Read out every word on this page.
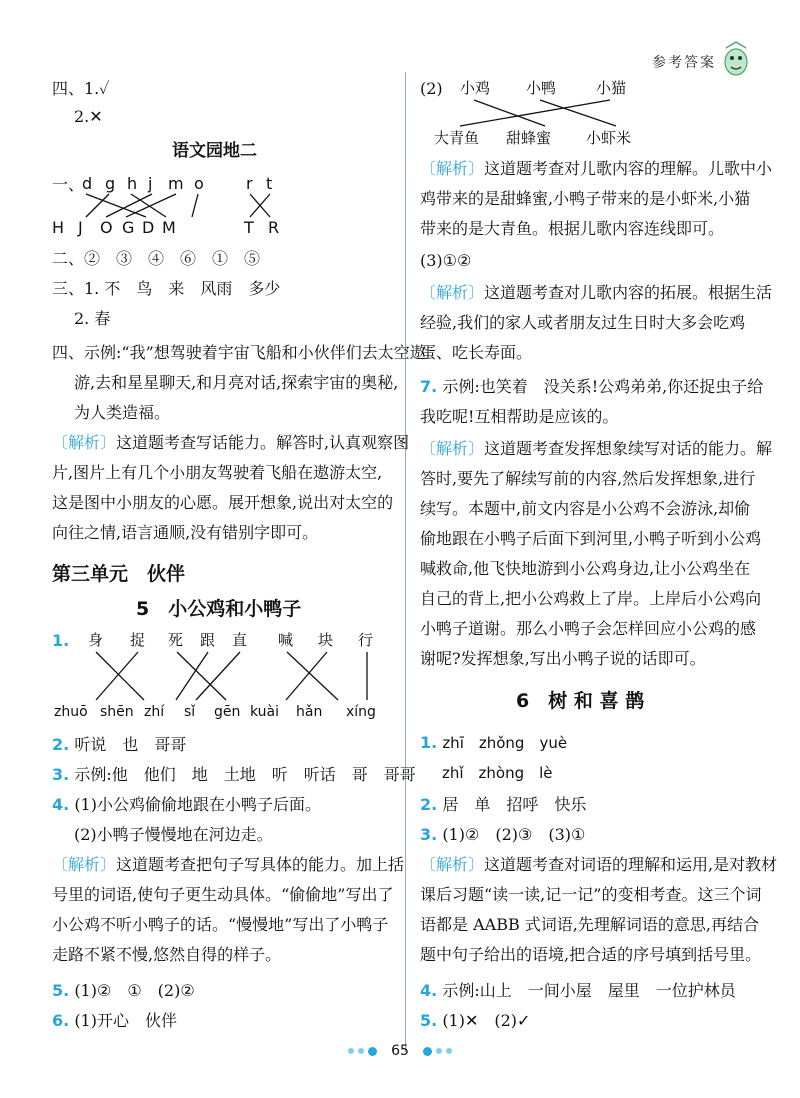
参考答案
四、1.✓
2.✕
语文园地二
一、
二、②　③　④　⑥　①　⑤
三、1. 不　鸟　来　风雨　多少
2. 春
四、示例:“我”想驾驶着宇宙飞船和小伙伴们去太空遨
游,去和星星聊天,和月亮对话,探索宇宙的奥秘,
为人类造福。
〔解析〕这道题考查写话能力。解答时,认真观察图
片,图片上有几个小朋友驾驶着飞船在遨游太空,
这是图中小朋友的心愿。展开想象,说出对太空的
向往之情,语言通顺,没有错别字即可。
第三单元　伙伴
5　小公鸡和小鸭子
1.
2. 听说　也　哥哥
3. 示例:他　他们　地　土地　听　听话　哥　哥哥
4. (1)小公鸡偷偷地跟在小鸭子后面。
(2)小鸭子慢慢地在河边走。
〔解析〕这道题考查把句子写具体的能力。加上括
号里的词语,使句子更生动具体。“偷偷地”写出了
小公鸡不听小鸭子的话。“慢慢地”写出了小鸭子
走路不紧不慢,悠然自得的样子。
5. (1)②　①　(2)②
6. (1)开心　伙伴
d g h j m o	r t
H J O G D M	T R
身 捉 死 跟 直 喊 块 行
zhuō shēn zhí sǐ gēn kuài hǎn xíng
(2)
〔解析〕这道题考查对儿歌内容的理解。儿歌中小
鸡带来的是甜蜂蜜,小鸭子带来的是小虾米,小猫
带来的是大青鱼。根据儿歌内容连线即可。
(3)①②
〔解析〕这道题考查对儿歌内容的拓展。根据生活
经验,我们的家人或者朋友过生日时大多会吃鸡
蛋、吃长寿面。
7. 示例:也笑着　没关系!公鸡弟弟,你还捉虫子给
我吃呢!互相帮助是应该的。
〔解析〕这道题考查发挥想象续写对话的能力。解
答时,要先了解续写前的内容,然后发挥想象,进行
续写。本题中,前文内容是小公鸡不会游泳,却偷
偷地跟在小鸭子后面下到河里,小鸭子听到小公鸡
喊救命,他飞快地游到小公鸡身边,让小公鸡坐在
自己的背上,把小公鸡救上了岸。上岸后小公鸡向
小鸭子道谢。那么小鸭子会怎样回应小公鸡的感
谢呢?发挥想象,写出小鸭子说的话即可。
6　树 和 喜 鹊
1. zhī　zhǒng　yuè
zhǐ　zhòng　lè
2. 居　单　招呼　快乐
3. (1)②　(2)③　(3)①
〔解析〕这道题考查对词语的理解和运用,是对教材
课后习题“读一读,记一记”的变相考查。这三个词
语都是 AABB 式词语,先理解词语的意思,再结合
题中句子给出的语境,把合适的序号填到括号里。
4. 示例:山上　一间小屋　屋里　一位护林员
5. (1)✕　(2)✓
小鸡 小鸭	小猫
大青鱼 甜蜂蜜 小虾米
65
